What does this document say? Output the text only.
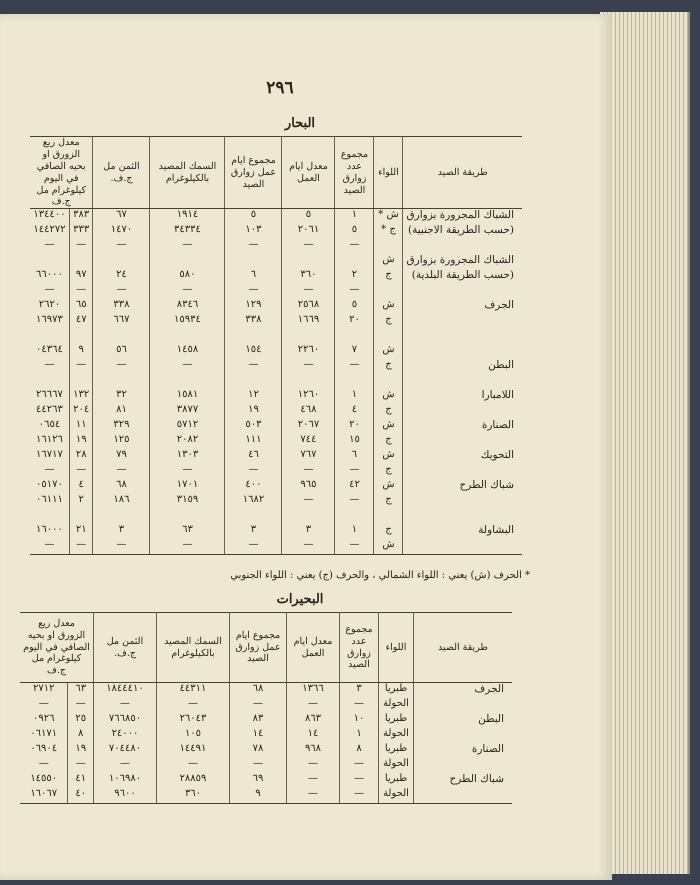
٢٩٦
البحار
طريقة الصيد	اللواء	مجموع عدد زوارق الصيد	معدل ايام العمل	مجموع ايام عمل زوارق الصيد	السمك المصيد بالكيلوغرام	الثمن مل ج.ف.	معدل ريع الزورق او بحيه الصافي في اليوم كيلوغرام مل ج.ف	
الشباك المجرورة بزوارق	ش *	١	٥	٥	١٩١٤	٦٧	٣٨٣	١٣٤٤٠٠
(حسب الطريقة الاجنبية)	ج *	٥	٢٠٦١	١٠٣	٣٤٣٣٤	١٤٧٠	٣٣٣	١٤٤٢٧٢
		—	—	—	—	—	—	—
الشباك المجرورة بزوارق	ش							
(حسب الطريقة البلدية)	ج	٢	٣٦٠	٦	٥٨٠	٢٤	٩٧	٦٦٠٠٠
		—	—	—	—	—	—	—
الجرف	ش	٥	٢٥٦٨	١٢٩	٨٣٤٦	٣٣٨	٦٥	٢٦٢٠
	ج	٢٠	١٦٦٩	٣٣٨	١٥٩٣٤	٦٦٧	٤٧	١٦٩٧٣

	ش	٧	٢٢٦٠	١٥٤	١٤٥٨	٥٦	٩	٠٤٣٦٤
البطن	ج	—	—	—	—	—	—	—

اللامبارا	ش	١	١٢٦٠	١٢	١٥٨١	٣٢	١٣٢	٢٦٦٦٧
	ج	٤	٤٦٨	١٩	٣٨٧٧	٨١	٢٠٤	٤٤٢٦٣
الصنارة	ش	٢٠	٢٠٦٧	٥٠٣	٥٧١٢	٣٢٩	١١	٠٦٥٤
	ج	١٥	٧٤٤	١١١	٢٠٨٢	١٢٥	١٩	١٦١٢٦
التحويك	ش	٦	٧٦٧	٤٦	١٣٠٣	٧٩	٢٨	١٦٧١٧
	ج	—	—	—	—	—	—	—
شباك الطرح	ش	٤٢	٩٦٥	٤٠٠	١٧٠١	٦٨	٤	٠٥١٧٠
	ج	—	—	١٦٨٢	٣١٥٩	١٨٦	٢	٠٦١١١

البشاولة	ج	١	٣	٣	٦٣	٣	٢١	١٦٠٠٠
	ش	—	—	—	—	—	—	—
* الحرف (ش) يعني : اللواء الشمالي ، والحرف (ج) يعني : اللواء الجنوبي
البحيرات
طريقة الصيد	اللواء	مجموع عدد زوارق الصيد	معدل ايام العمل	مجموع ايام عمل زوارق الصيد	السمك المصيد بالكيلوغرام	الثمن مل ج.ف.	معدل ريع الزورق او بحيه الصافي في اليوم كيلوغرام مل ج.ف	
الجرف	طبريا	٣	١٣٦٦	٦٨	٤٤٣١١	١٨٤٤٤١٠	٦٣	٢٧١٢
	الحولة	—	—	—	—	—	—	—
البطن	طبريا	١٠	٨٦٣	٨٣	٢٦٠٤٣	٧٦٦٨٥٠	٢٥	٠٩٢٦
	الحولة	١	١٤	١٤	١٠٥	٢٤٠٠٠	٨	٠٦١٧١
الصنارة	طبريا	٨	٩٦٨	٧٨	١٤٤٩١	٧٠٤٤٨٠	١٩	٠٦٩٠٤
	الحولة	—	—	—	—	—	—	—
شباك الطرح	طبريا	—	—	٦٩	٢٨٨٥٩	١٠٦٩٨٠	٤١	١٤٥٥٠
	الحولة	—	—	٩	٣٦٠	٩٦٠٠	٤٠	١٦٠٦٧
